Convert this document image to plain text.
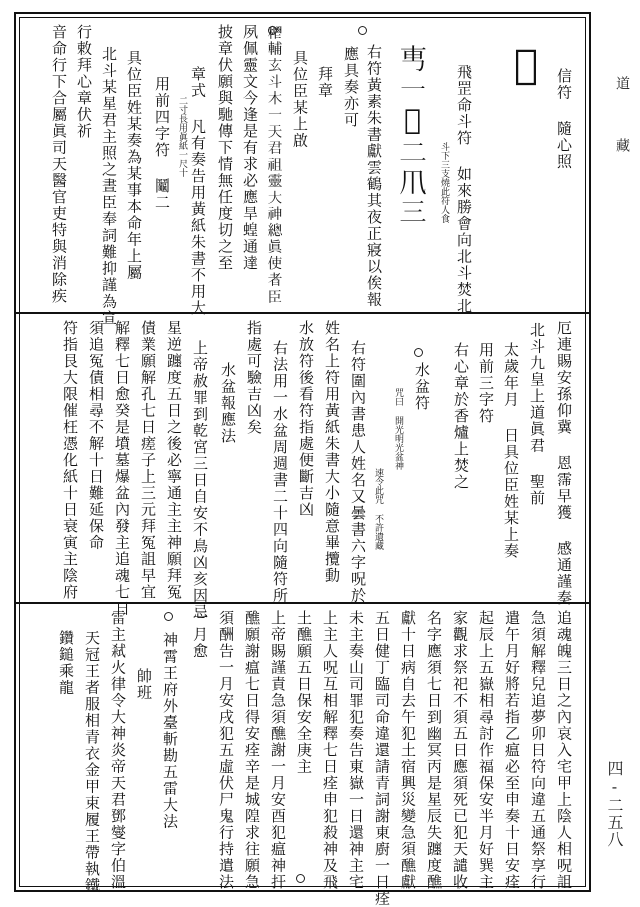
信符 隨心照
𠃬
飛罡命斗符 如來勝會向北斗焚北
斗下三支燒此符人食
𠃫一𤓰二𤓯三
右符黃素朱書獻雲鶴其夜正寢以俟報
應具奏亦可
拜章
具位臣某上啟
𥠴輔玄斗木一天君祖靈大神總眞使者臣
夙佩靈文今逢是有求必應旱蝗通達
披章伏願與馳傳下情無任度切之至
章式 凡有奏告用黃紙朱書不用大
二寸長用眞紙一尺十
用前四字符 鬮二
具位臣姓某奏為某事本命年上屬
北斗某星君主照之晝臣奉詞難抑謹為宣
行敕拜心章伏祈
音命行下合屬眞司天醫官吏特與消除疾
厄連賜安孫仰冀 恩霈早獲 感通謹奏
北斗九皇上道眞君 聖前
太歲年月 日具位臣姓某上奏
用前三字符
右心章於香爐上焚之
水盆符
咒曰 開光明光盆神
速令此咒 不許遺藏
右符圍內書患人姓名又曇書六字呪於
姓名上符用黃紙朱書大小隨意畢攬動
水放符後看符指處便斷吉凶
右法用一水盆周週書二十四向隨符所
指處可驗吉凶矣
水盆報應法
上帝赦罪到乾宮三日自安不鳥凶亥因忌
星逆躔度五日之後必寧通主主神願拜冤
債業願解孔七日瘥子上三元拜冤詛早宜
解釋七日愈癸是墳墓爆盆內發主追魂七日
須追冤債相尋不解十日難延保命
符指艮大限催枉憑化紙十日衰寅主陰府
追魂魄三日之內哀入宅甲上陰人相呪詛
急須解釋兒追夢卯日符向違五通祭享行
遣午月好將若指乙瘟必至申奏十日安痊
起辰上五嶽相尋討作福保安半月好巽主
家觀求祭祀不須五日應須死已犯天譴收
名字應須七日到幽冥丙是星辰失躔度醮
獻十日病自去午犯土宿興災變急須醮獻
五日健丁臨司命違還請青詞謝東廚一日痊
未主奏山司罪犯奏告東嶽一日還神主宅
上主人呪互相解釋七日痊申犯殺神及飛
土醮願五日保安全庚主
上帝賜謹責急須醮謝一月安酉犯瘟神扞
醮願謝瘟七日得安痊辛是城隍求往願急
須酬告一月安戌犯五虛伏尸鬼行持遣法
一月愈
神霄王府外臺斬勘五雷大法
帥班
雷主弒火律令大神炎帝天君鄧燮字伯溫
天冠王者服相青衣金甲束履王帶執鐵
鑽鎚乘龍
道
藏
四-二五八
